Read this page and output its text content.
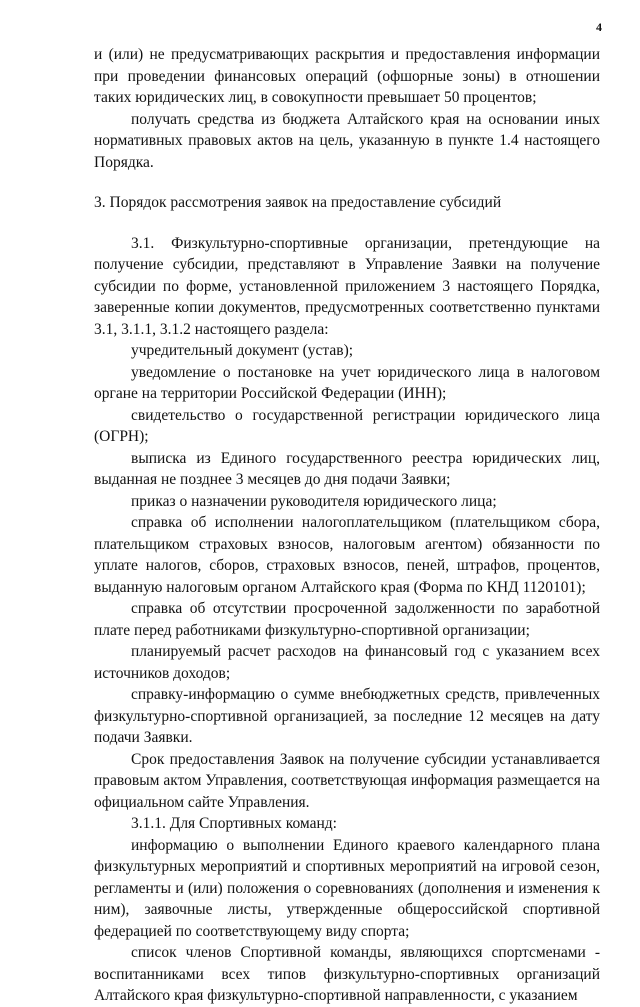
4

и (или) не предусматривающих раскрытия и предоставления информации при проведении финансовых операций (офшорные зоны) в отношении таких юридических лиц, в совокупности превышает 50 процентов;

получать средства из бюджета Алтайского края на основании иных нормативных правовых актов на цель, указанную в пункте 1.4 настоящего Порядка.

3. Порядок рассмотрения заявок на предоставление субсидий

3.1. Физкультурно-спортивные организации, претендующие на получение субсидии, представляют в Управление Заявки на получение субсидии по форме, установленной приложением 3 настоящего Порядка, заверенные копии документов, предусмотренных соответственно пунктами 3.1, 3.1.1, 3.1.2 настоящего раздела:

учредительный документ (устав);

уведомление о постановке на учет юридического лица в налоговом органе на территории Российской Федерации (ИНН);

свидетельство о государственной регистрации юридического лица (ОГРН);

выписка из Единого государственного реестра юридических лиц, выданная не позднее 3 месяцев до дня подачи Заявки;

приказ о назначении руководителя юридического лица;

справка об исполнении налогоплательщиком (плательщиком сбора, плательщиком страховых взносов, налоговым агентом) обязанности по уплате налогов, сборов, страховых взносов, пеней, штрафов, процентов, выданную налоговым органом Алтайского края (Форма по КНД 1120101);

справка об отсутствии просроченной задолженности по заработной плате перед работниками физкультурно-спортивной организации;

планируемый расчет расходов на финансовый год с указанием всех источников доходов;

справку-информацию о сумме внебюджетных средств, привлеченных физкультурно-спортивной организацией, за последние 12 месяцев на дату подачи Заявки.

Срок предоставления Заявок на получение субсидии устанавливается правовым актом Управления, соответствующая информация размещается на официальном сайте Управления.

3.1.1. Для Спортивных команд:

информацию о выполнении Единого краевого календарного плана физкультурных мероприятий и спортивных мероприятий на игровой сезон, регламенты и (или) положения о соревнованиях (дополнения и изменения к ним), заявочные листы, утвержденные общероссийской спортивной федерацией по соответствующему виду спорта;

список членов Спортивной команды, являющихся спортсменами - воспитанниками всех типов физкультурно-спортивных организаций Алтайского края физкультурно-спортивной направленности, с указанием
